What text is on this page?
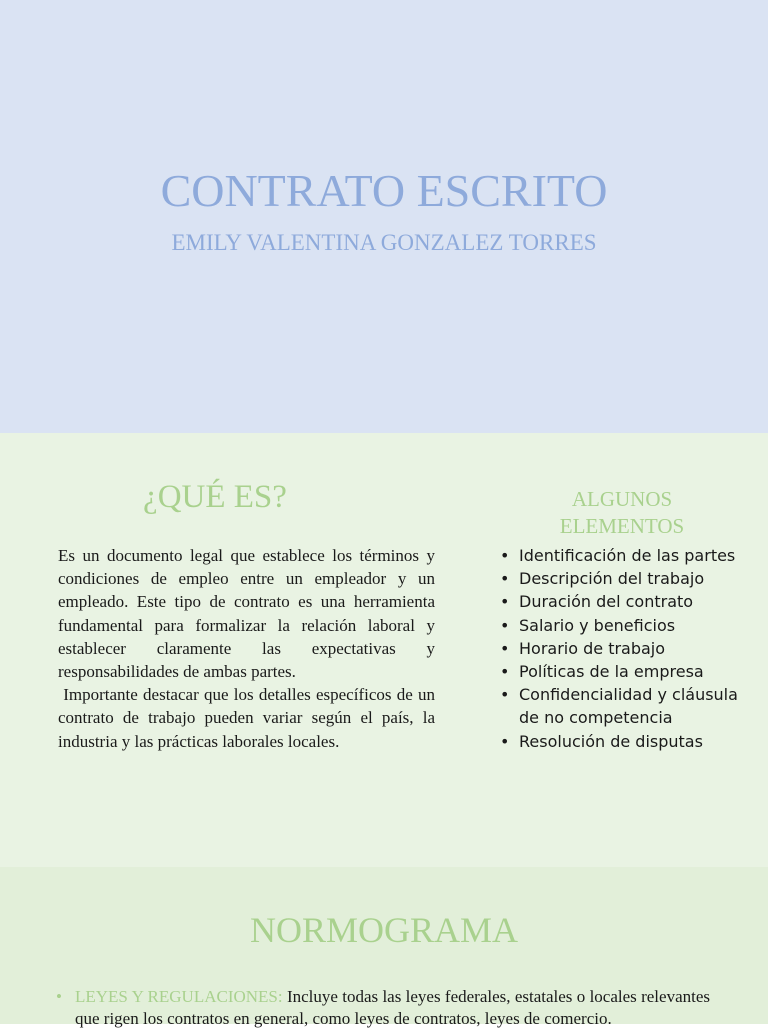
CONTRATO ESCRITO
EMILY VALENTINA GONZALEZ TORRES
¿QUÉ ES?

Es un documento legal que establece los términos y condiciones de empleo entre un empleador y un empleado. Este tipo de contrato es una herramienta fundamental para formalizar la relación laboral y establecer claramente las expectativas y responsabilidades de ambas partes.

Importante destacar que los detalles específicos de un contrato de trabajo pueden variar según el país, la industria y las prácticas laborales locales.

ALGUNOS ELEMENTOS
• Identificación de las partes
• Descripción del trabajo
• Duración del contrato
• Salario y beneficios
• Horario de trabajo
• Políticas de la empresa
• Confidencialidad y cláusula de no competencia
• Resolución de disputas
NORMOGRAMA
• LEYES Y REGULACIONES: Incluye todas las leyes federales, estatales o locales relevantes que rigen los contratos en general, como leyes de contratos, leyes de comercio.
